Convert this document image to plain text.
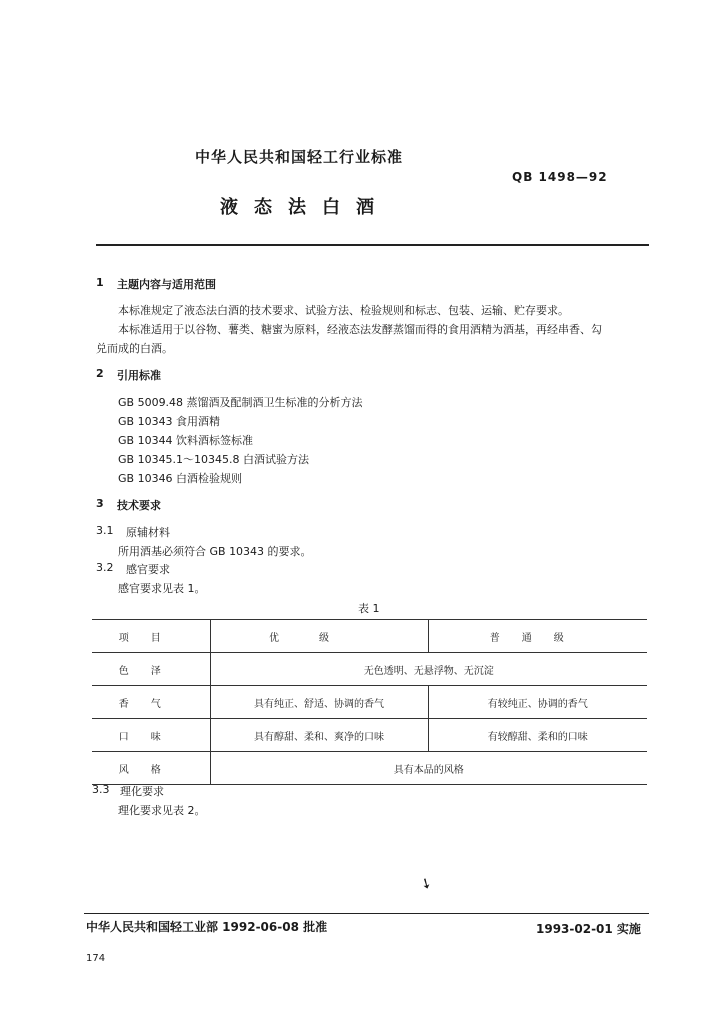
中华人民共和国轻工行业标准
QB 1498—92
液态法白酒
1 主题内容与适用范围
本标准规定了液态法白酒的技术要求、试验方法、检验规则和标志、包装、运输、贮存要求。
本标准适用于以谷物、薯类、糖蜜为原料，经液态法发酵蒸馏而得的食用酒精为酒基，再经串香、勾
兑而成的白酒。
2 引用标准
GB 5009.48 蒸馏酒及配制酒卫生标准的分析方法
GB 10343 食用酒精
GB 10344 饮料酒标签标准
GB 10345.1～10345.8 白酒试验方法
GB 10346 白酒检验规则
3 技术要求
3.1 原辅材料
所用酒基必须符合 GB 10343 的要求。
3.2 感官要求
感官要求见表 1。
表 1
项目	优级	普通级
色泽	无色透明、无悬浮物、无沉淀	
香气	具有纯正、舒适、协调的香气	有较纯正、协调的香气
口味	具有醇甜、柔和、爽净的口味	有较醇甜、柔和的口味
风格	具有本品的风格	
3.3 理化要求
理化要求见表 2。
➘
中华人民共和国轻工业部 1992-06-08 批准	1993-02-01 实施
174
